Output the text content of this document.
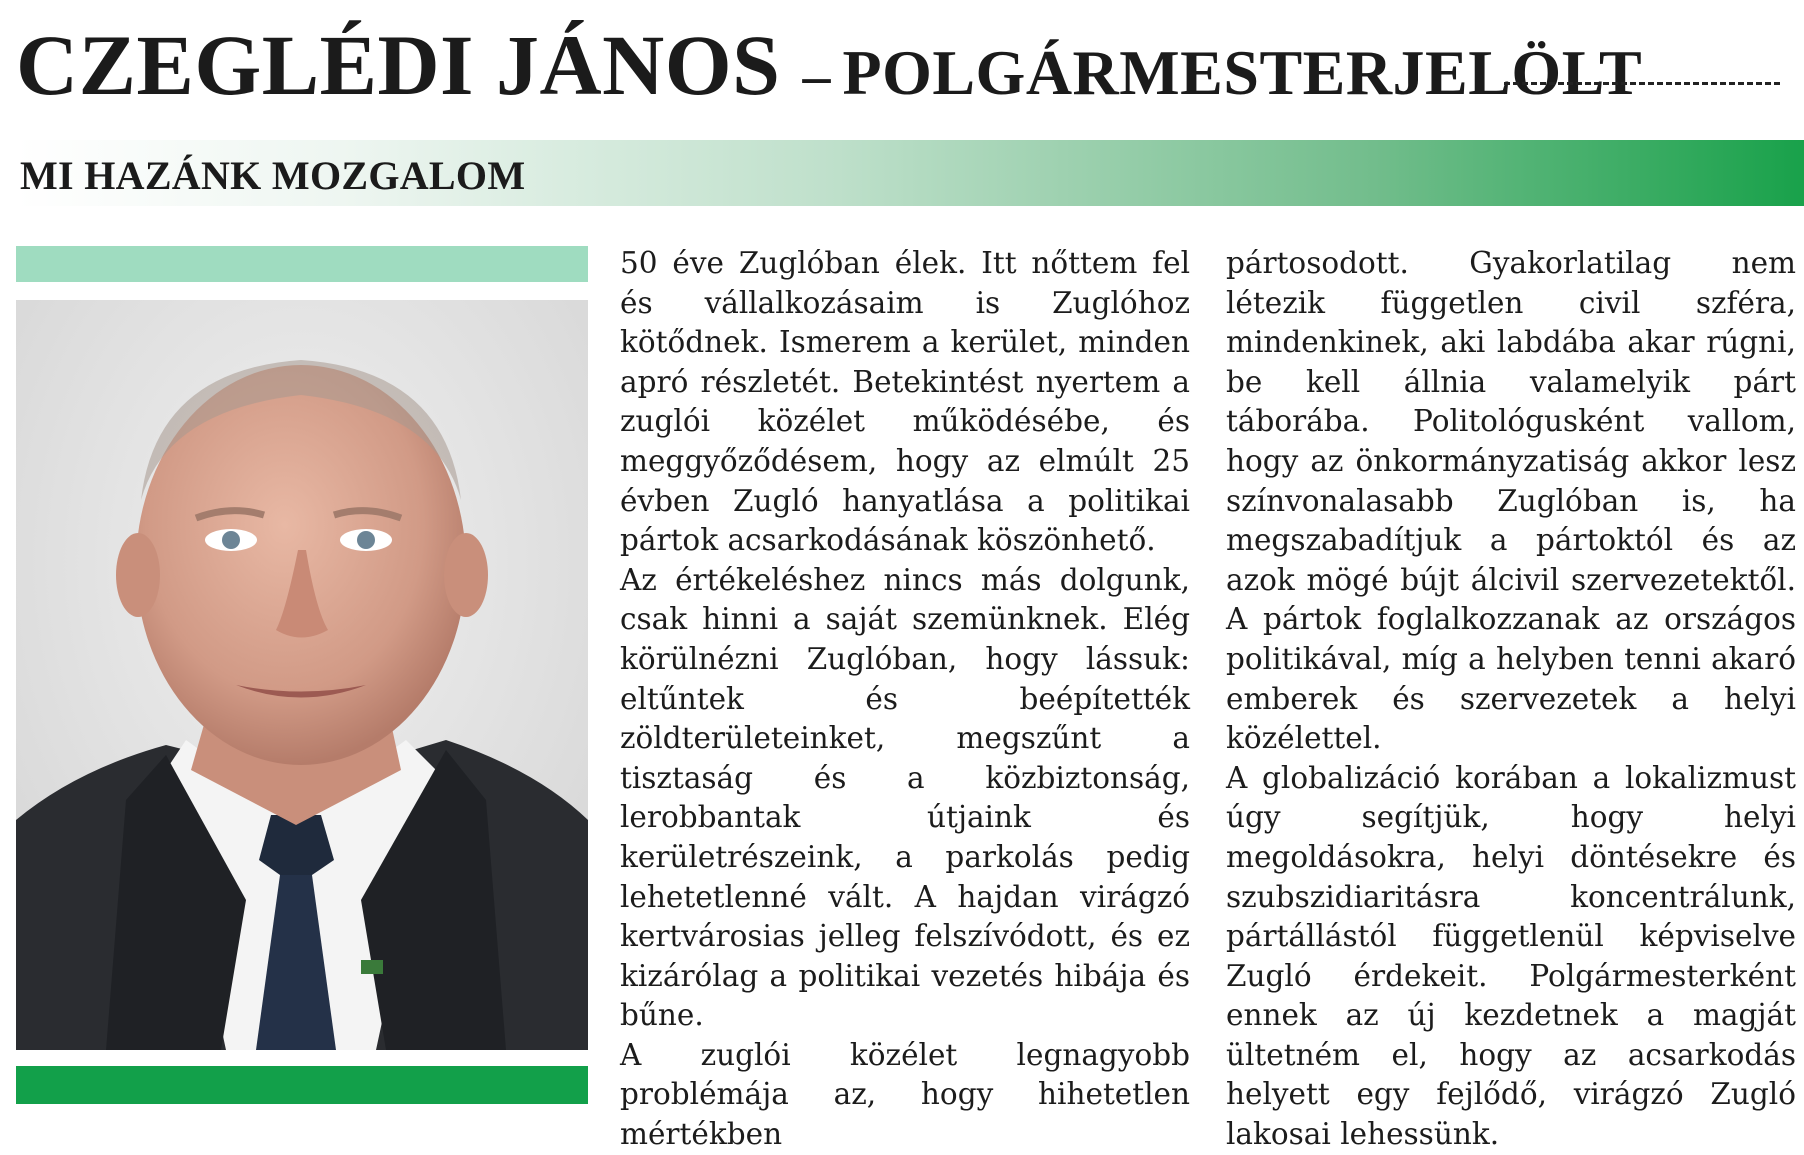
CZEGLÉDI JÁNOS – POLGÁRMESTERJELÖLT
MI HAZÁNK MOZGALOM

50 éve Zuglóban élek. Itt nőttem fel és vállalkozásaim is Zuglóhoz kötődnek. Ismerem a kerület, minden apró részletét. Betekintést nyertem a zuglói közélet működésébe, és meggyőződésem, hogy az elmúlt 25 évben Zugló hanyatlása a politikai pártok acsarkodásának köszönhető.

Az értékeléshez nincs más dolgunk, csak hinni a saját szemünknek. Elég körülnézni Zuglóban, hogy lássuk: eltűntek és beépítették zöldterületeinket, megszűnt a tisztaság és a közbiztonság, lerobbantak útjaink és kerületrészeink, a parkolás pedig lehetetlenné vált. A hajdan virágzó kertvárosias jelleg felszívódott, és ez kizárólag a politikai vezetés hibája és bűne.

A zuglói közélet legnagyobb problémája az, hogy hihetetlen mértékben

pártosodott. Gyakorlatilag nem létezik független civil szféra, mindenkinek, aki labdába akar rúgni, be kell állnia valamelyik párt táborába. Politológusként vallom, hogy az önkormányzatiság akkor lesz színvonalasabb Zuglóban is, ha megszabadítjuk a pártoktól és az azok mögé bújt álcivil szervezetektől. A pártok foglalkozzanak az országos politikával, míg a helyben tenni akaró emberek és szervezetek a helyi közélettel.

A globalizáció korában a lokalizmust úgy segítjük, hogy helyi megoldásokra, helyi döntésekre és szubszidiaritásra koncentrálunk, pártállástól függetlenül képviselve Zugló érdekeit. Polgármesterként ennek az új kezdetnek a magját ültetném el, hogy az acsarkodás helyett egy fejlődő, virágzó Zugló lakosai lehessünk.
